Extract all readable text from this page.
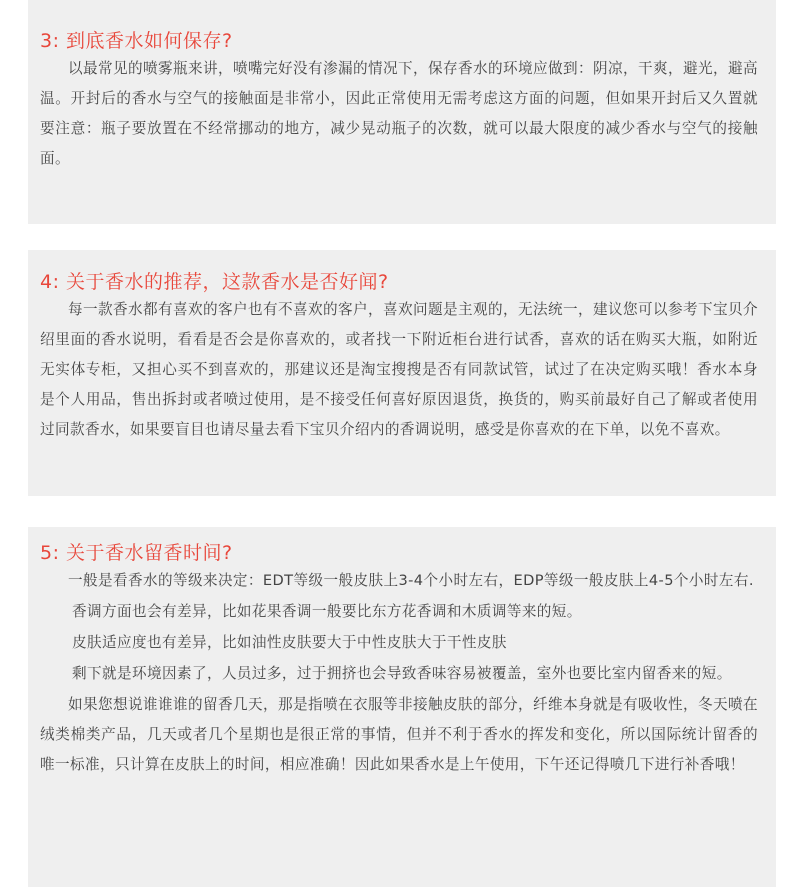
3: 到底香水如何保存?

以最常见的喷雾瓶来讲，喷嘴完好没有渗漏的情况下，保存香水的环境应做到：阴凉，干爽，避光，避高温。开封后的香水与空气的接触面是非常小，因此正常使用无需考虑这方面的问题，但如果开封后又久置就要注意：瓶子要放置在不经常挪动的地方，减少晃动瓶子的次数，就可以最大限度的减少香水与空气的接触面。

4: 关于香水的推荐，这款香水是否好闻?

每一款香水都有喜欢的客户也有不喜欢的客户，喜欢问题是主观的，无法统一，建议您可以参考下宝贝介绍里面的香水说明，看看是否会是你喜欢的，或者找一下附近柜台进行试香，喜欢的话在购买大瓶，如附近无实体专柜，又担心买不到喜欢的，那建议还是淘宝搜搜是否有同款试管，试过了在决定购买哦！香水本身是个人用品，售出拆封或者喷过使用，是不接受任何喜好原因退货，换货的，购买前最好自己了解或者使用过同款香水，如果要盲目也请尽量去看下宝贝介绍内的香调说明，感受是你喜欢的在下单，以免不喜欢。

5: 关于香水留香时间?

一般是看香水的等级来决定：EDT等级一般皮肤上3-4个小时左右，EDP等级一般皮肤上4-5个小时左右.

香调方面也会有差异，比如花果香调一般要比东方花香调和木质调等来的短。

皮肤适应度也有差异，比如油性皮肤要大于中性皮肤大于干性皮肤

剩下就是环境因素了，人员过多，过于拥挤也会导致香味容易被覆盖，室外也要比室内留香来的短。

如果您想说谁谁谁的留香几天，那是指喷在衣服等非接触皮肤的部分，纤维本身就是有吸收性，冬天喷在绒类棉类产品，几天或者几个星期也是很正常的事情，但并不利于香水的挥发和变化，所以国际统计留香的唯一标准，只计算在皮肤上的时间，相应准确！因此如果香水是上午使用，下午还记得喷几下进行补香哦！
